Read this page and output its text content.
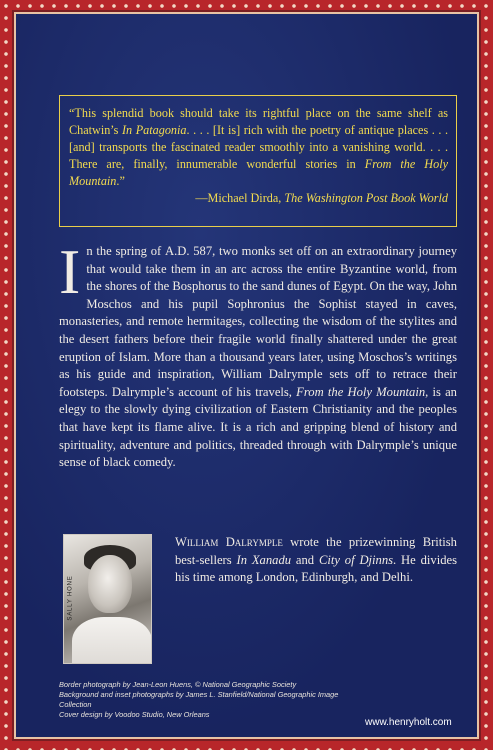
“This splendid book should take its rightful place on the same shelf as Chatwin’s In Patagonia. . . . [It is] rich with the poetry of antique places . . . [and] transports the fascinated reader smoothly into a vanishing world. . . . There are, finally, innumerable wonderful stories in From the Holy Mountain.”

—Michael Dirda, The Washington Post Book World

In the spring of A.D. 587, two monks set off on an extraordinary journey that would take them in an arc across the entire Byzantine world, from the shores of the Bosphorus to the sand dunes of Egypt. On the way, John Moschos and his pupil Sophronius the Sophist stayed in caves, monasteries, and remote hermitages, collecting the wisdom of the stylites and the desert fathers before their fragile world finally shattered under the great eruption of Islam. More than a thousand years later, using Moschos’s writings as his guide and inspiration, William Dalrymple sets off to retrace their footsteps. Dalrymple’s account of his travels, From the Holy Mountain, is an elegy to the slowly dying civilization of Eastern Christianity and the peoples that have kept its flame alive. It is a rich and gripping blend of history and spirituality, adventure and politics, threaded through with Dalrymple’s unique sense of black comedy.
SALLY HONE
William Dalrymple wrote the prizewinning British best-sellers In Xanadu and City of Djinns. He divides his time among London, Edinburgh, and Delhi.
Border photograph by Jean-Leon Huens, © National Geographic Society
Background and inset photographs by James L. Stanfield/National Geographic Image Collection
Cover design by Voodoo Studio, New Orleans
www.henryholt.com
